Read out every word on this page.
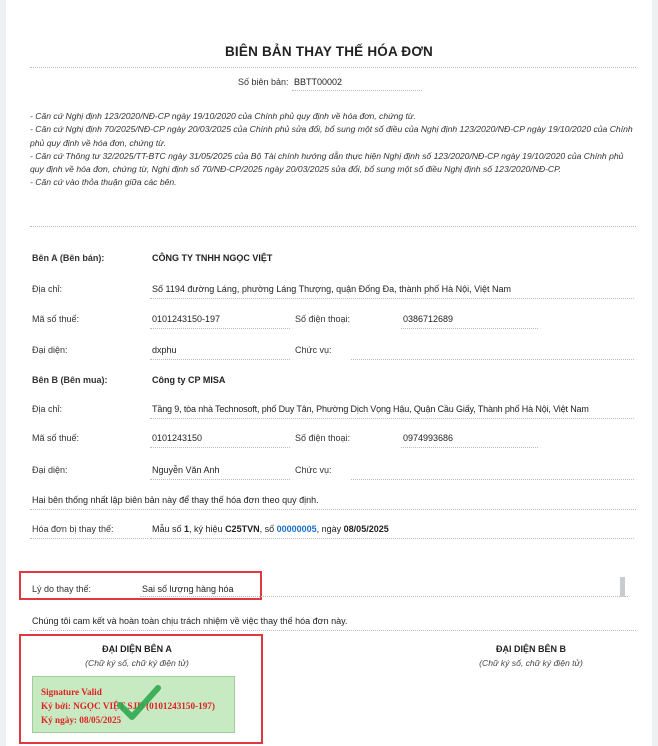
BIÊN BẢN THAY THẾ HÓA ĐƠN
Số biên bản: BBTT00002

- Căn cứ Nghị định 123/2020/NĐ-CP ngày 19/10/2020 của Chính phủ quy định về hóa đơn, chứng từ.

- Căn cứ Nghị định 70/2025/NĐ-CP ngày 20/03/2025 của Chính phủ sửa đổi, bổ sung một số điều của Nghị định 123/2020/NĐ-CP ngày 19/10/2020 của Chính phủ quy định về hóa đơn, chứng từ.

- Căn cứ Thông tư 32/2025/TT-BTC ngày 31/05/2025 của Bộ Tài chính hướng dẫn thực hiện Nghị định số 123/2020/NĐ-CP ngày 19/10/2020 của Chính phủ quy định về hóa đơn, chứng từ, Nghị định số 70/NĐ-CP/2025 ngày 20/03/2025 sửa đổi, bổ sung một số điều Nghị định số 123/2020/NĐ-CP.

- Căn cứ vào thỏa thuận giữa các bên.

Bên A (Bên bán):	CÔNG TY TNHH NGỌC VIỆT
Địa chỉ:	Số 1194 đường Láng, phường Láng Thượng, quận Đống Đa, thành phố Hà Nội, Việt Nam
Mã số thuế:	0101243150-197	Số điện thoại:	0386712689
Đại diện:	dxphu	Chức vụ:
Bên B (Bên mua):	Công ty CP MISA
Địa chỉ:	Tầng 9, tòa nhà Technosoft, phố Duy Tân, Phường Dịch Vọng Hậu, Quận Cầu Giấy, Thành phố Hà Nội, Việt Nam
Mã số thuế:	0101243150	Số điện thoại:	0974993686
Đại diện:	Nguyễn Văn Anh	Chức vụ:
Hai bên thống nhất lập biên bản này để thay thế hóa đơn theo quy định.
Hóa đơn bị thay thế:	Mẫu số 1, ký hiệu C25TVN, số 00000005, ngày 08/05/2025
Lý do thay thế:	Sai số lượng hàng hóa
Chúng tôi cam kết và hoàn toàn chịu trách nhiệm về việc thay thế hóa đơn này.
ĐẠI DIỆN BÊN A
(Chữ ký số, chữ ký điện tử)
ĐẠI DIỆN BÊN B
(Chữ ký số, chữ ký điện tử)
Signature Valid
Ký bởi: NGỌC VIỆT SJD (0101243150-197)
Ký ngày: 08/05/2025
